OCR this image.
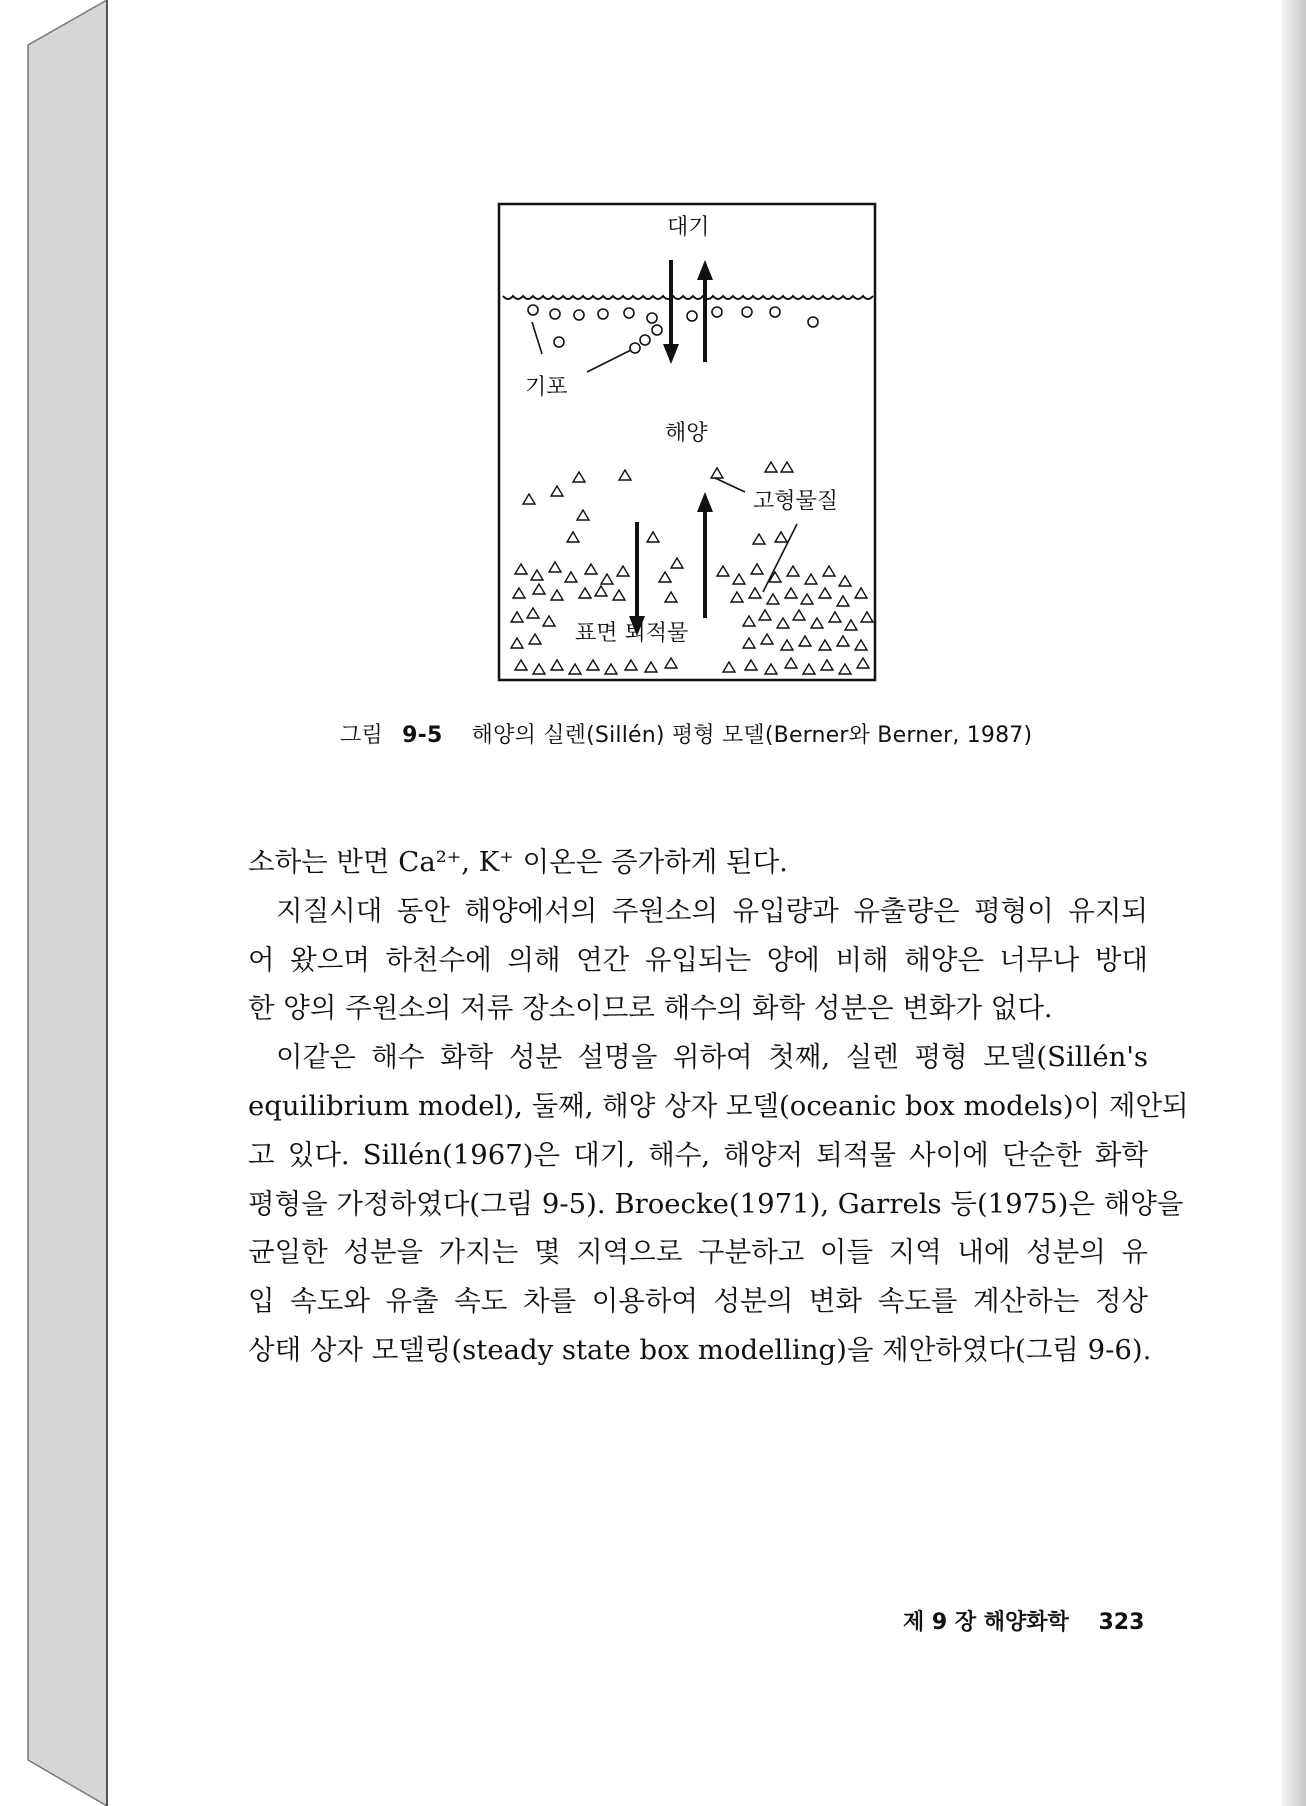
대기
기포
해양
고형물질
표면 퇴적물
그림 9-5 해양의 실렌(Sillén) 평형 모델(Berner와 Berner, 1987)
소하는 반면 Ca²⁺, K⁺ 이온은 증가하게 된다.
지질시대 동안 해양에서의 주원소의 유입량과 유출량은 평형이 유지되
어 왔으며 하천수에 의해 연간 유입되는 양에 비해 해양은 너무나 방대
한 양의 주원소의 저류 장소이므로 해수의 화학 성분은 변화가 없다.
이같은 해수 화학 성분 설명을 위하여 첫째, 실렌 평형 모델(Sillén's
equilibrium model), 둘째, 해양 상자 모델(oceanic box models)이 제안되
고 있다. Sillén(1967)은 대기, 해수, 해양저 퇴적물 사이에 단순한 화학
평형을 가정하였다(그림 9-5). Broecke(1971), Garrels 등(1975)은 해양을
균일한 성분을 가지는 몇 지역으로 구분하고 이들 지역 내에 성분의 유
입 속도와 유출 속도 차를 이용하여 성분의 변화 속도를 계산하는 정상
상태 상자 모델링(steady state box modelling)을 제안하였다(그림 9-6).
제 9 장 해양화학 323
